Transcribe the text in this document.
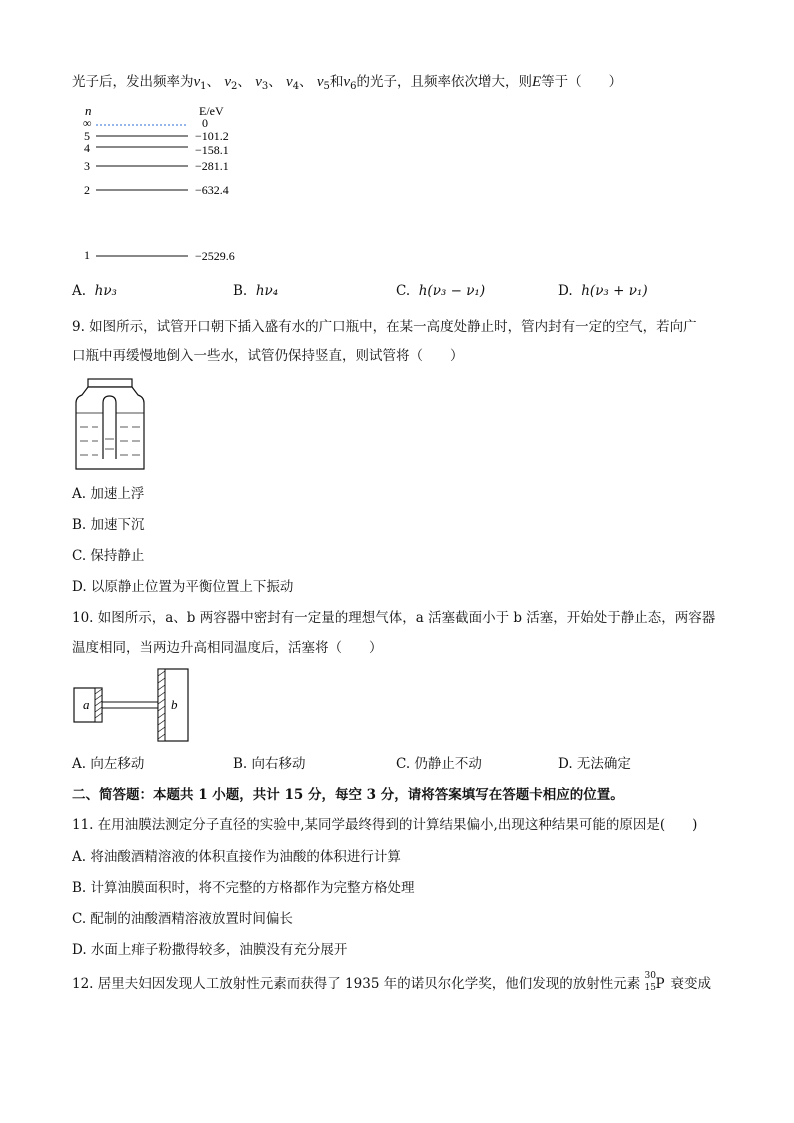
光子后，发出频率为$\nu_1$、 $\nu_2$、 $\nu_3$、 $\nu_4$、 $\nu_5$和$\nu_6$的光子，且频率依次增大，则E等于（　　）
n	E/eV
∞	0
5	−101.2
4	−158.1
3	−281.1
2	−632.4
1	−2529.6
A. hν₃	B. hν₄	C. h(ν₃ − ν₁)	D. h(ν₃ + ν₁)
9. 如图所示，试管开口朝下插入盛有水的广口瓶中，在某一高度处静止时，管内封有一定的空气，若向广
口瓶中再缓慢地倒入一些水，试管仍保持竖直，则试管将（　　）
A. 加速上浮
B. 加速下沉
C. 保持静止
D. 以原静止位置为平衡位置上下振动
10. 如图所示，a、b 两容器中密封有一定量的理想气体，a 活塞截面小于 b 活塞，开始处于静止态，两容器
温度相同，当两边升高相同温度后，活塞将（　　）
a	b
A. 向左移动	B. 向右移动	C. 仍静止不动	D. 无法确定
二、简答题：本题共 1 小题，共计 15 分，每空 3 分，请将答案填写在答题卡相应的位置。
11. 在用油膜法测定分子直径的实验中,某同学最终得到的计算结果偏小,出现这种结果可能的原因是(　　)
A. 将油酸酒精溶液的体积直接作为油酸的体积进行计算
B. 计算油膜面积时，将不完整的方格都作为完整方格处理
C. 配制的油酸酒精溶液放置时间偏长
D. 水面上痱子粉撒得较多，油膜没有充分展开
12. 居里夫妇因发现人工放射性元素而获得了 1935 年的诺贝尔化学奖，他们发现的放射性元素 30
15 P 衰变成
